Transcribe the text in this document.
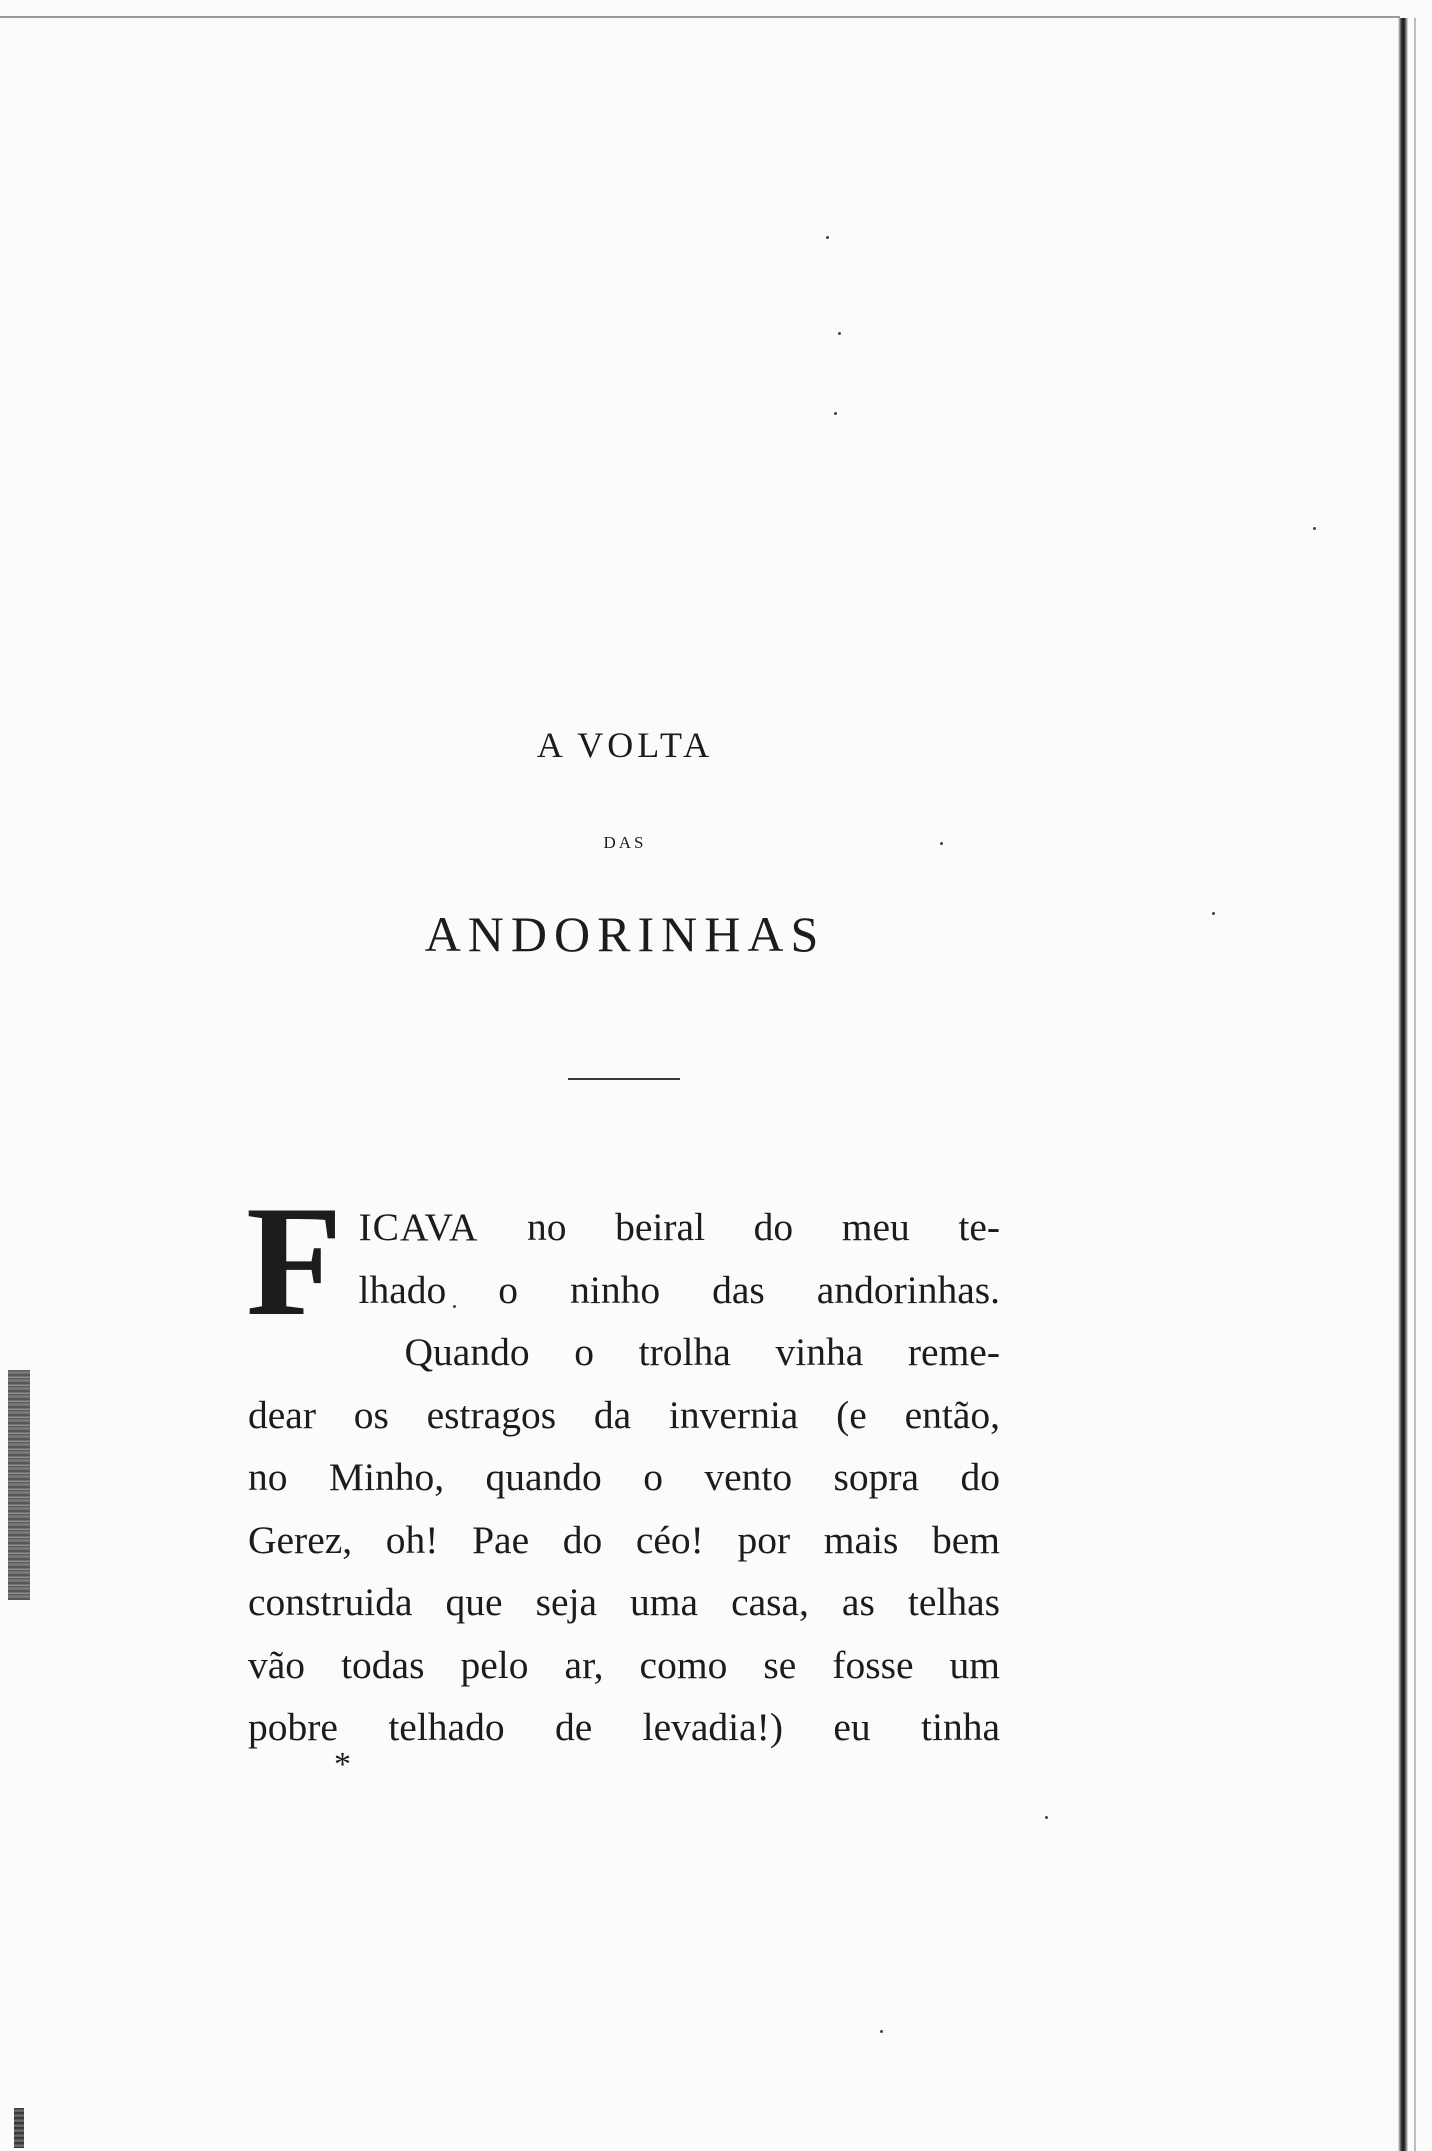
A VOLTA
DAS
ANDORINHAS
F ICAVA no beiral do meu te-
lhado o ninho das andorinhas.
Quando o trolha vinha reme-
dear os estragos da invernia (e então,
no Minho, quando o vento sopra do
Gerez, oh! Pae do céo! por mais bem
construida que seja uma casa, as telhas
vão todas pelo ar, como se fosse um
pobre telhado de levadia!) eu tinha
*
